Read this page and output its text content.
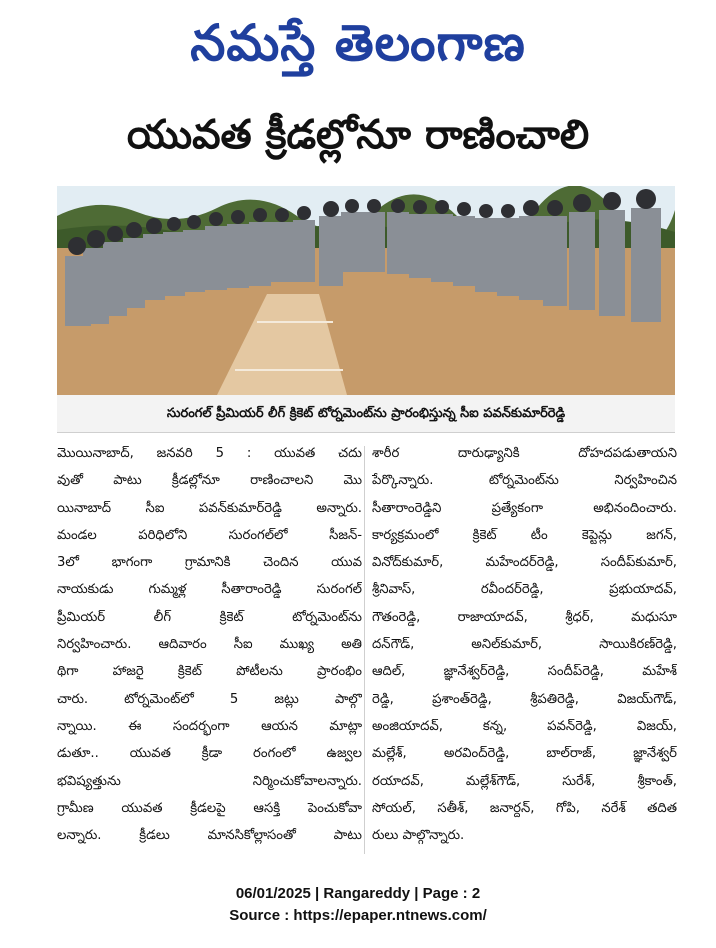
నమస్తే తెలంగాణ
యువత క్రీడల్లోనూ రాణించాలి
సురంగల్ ప్రీమియర్ లీగ్ క్రికెట్ టోర్నమెంట్‌ను ప్రారంభిస్తున్న సీఐ పవన్‌కుమార్‌రెడ్డి
మొయినాబాద్, జనవరి 5 : యువత చదు
వుతో పాటు క్రీడల్లోనూ రాణించాలని మొ
యినాబాద్ సీఐ పవన్‌కుమార్‌రెడ్డి అన్నారు.
మండల పరిధిలోని సురంగల్‌లో సీజన్-
3లో భాగంగా గ్రామానికి చెందిన యువ
నాయకుడు గుమ్మళ్ల సీతారాంరెడ్డి సురంగల్
ప్రీమియర్ లీగ్ క్రికెట్ టోర్నమెంట్‌ను
నిర్వహించారు. ఆదివారం సీఐ ముఖ్య అతి
థిగా హాజరై క్రికెట్ పోటీలను ప్రారంభిం
చారు. టోర్నమెంట్‌లో 5 జట్లు పాల్గొ
న్నాయి. ఈ సందర్భంగా ఆయన మాట్లా
డుతూ.. యువత క్రీడా రంగంలో ఉజ్వల
భవిష్యత్తును నిర్మించుకోవాలన్నారు.
గ్రామీణ యువత క్రీడలపై ఆసక్తి పెంచుకోవా
లన్నారు. క్రీడలు మానసికోల్లాసంతో పాటు
శారీర దారుఢ్యానికి దోహదపడుతాయని
పేర్కొన్నారు. టోర్నమెంట్‌ను నిర్వహించిన
సీతారాంరెడ్డిని ప్రత్యేకంగా అభినందించారు.
కార్యక్రమంలో క్రికెట్ టీం కెప్టెన్లు జగన్,
వినోద్‌కుమార్, మహేందర్‌రెడ్డి, సందీప్‌కుమార్,
శ్రీనివాస్, రవీందర్‌రెడ్డి, ప్రభుయాదవ్,
గౌతంరెడ్డి, రాజాయాదవ్, శ్రీధర్, మధుసూ
దన్‌గౌడ్, అనిల్‌కుమార్, సాయికిరణ్‌రెడ్డి,
ఆదిల్, జ్ఞానేశ్వర్‌రెడ్డి, సందీప్‌రెడ్డి, మహేశ్
రెడ్డి, ప్రశాంత్‌రెడ్డి, శ్రీపతిరెడ్డి, విజయ్‌గౌడ్,
అంజియాదవ్, కన్న, పవన్‌రెడ్డి, విజయ్,
మల్లేశ్, అరవింద్‌రెడ్డి, బాల్‌రాజ్, జ్ఞానేశ్వర్
రయాదవ్, మల్లేశ్‌గౌడ్, సురేశ్, శ్రీకాంత్,
సోయల్, సతీశ్, జనార్దన్, గోపి, నరేశ్ తదిత
రులు పాల్గొన్నారు.
06/01/2025 | Rangareddy | Page : 2
Source : https://epaper.ntnews.com/
